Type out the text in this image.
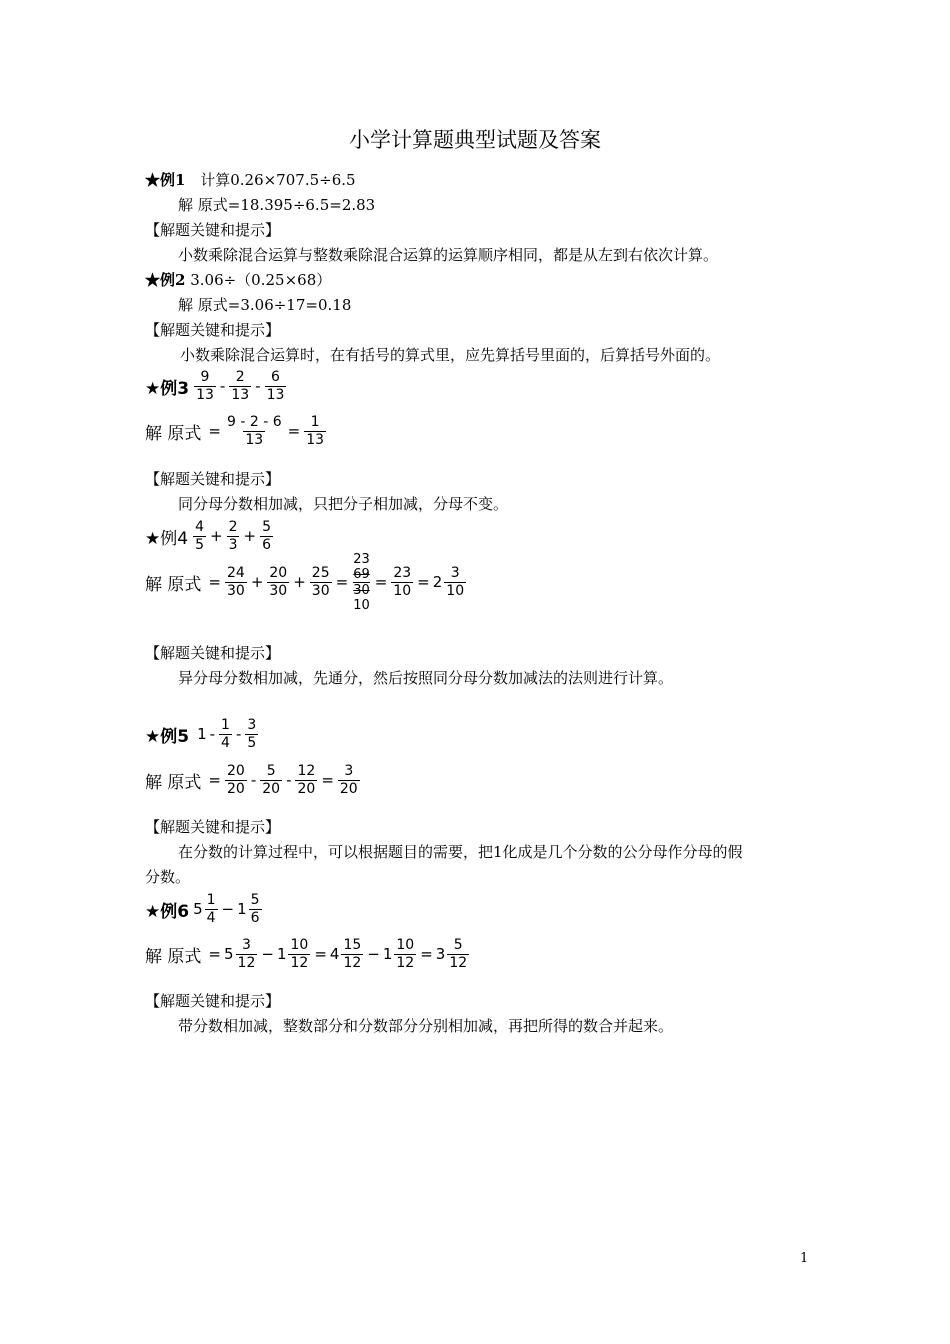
小学计算题典型试题及答案
★例1 计算0.26×707.5÷6.5
解 原式=18.395÷6.5=2.83
【解题关键和提示】
小数乘除混合运算与整数乘除混合运算的运算顺序相同，都是从左到右依次计算。
★例2 3.06÷（0.25×68）
解 原式=3.06÷17=0.18
【解题关键和提示】
小数乘除混合运算时，在有括号的算式里，应先算括号里面的，后算括号外面的。
★例$3 \frac{9}{13} - \frac{2}{13} - \frac{6}{13}$
解 原式 = $\frac{9 - 2 - 6}{13} = \frac{1}{13}$
【解题关键和提示】
同分母分数相加减，只把分子相加减，分母不变。
★例$4 \frac{4}{5} + \frac{2}{3} + \frac{5}{6}$
解 原式 = $\frac{24}{30} + \frac{20}{30} + \frac{25}{30}$ =
23
69
30
10
= $\frac{23}{10} = 2 \frac{3}{10}$
【解题关键和提示】
异分母分数相加减，先通分，然后按照同分母分数加减法的法则进行计算。
★例5 $1 - \frac{1}{4} - \frac{3}{5}$
解 原式 = $\frac{20}{20} - \frac{5}{20} - \frac{12}{20} = \frac{3}{20}$
【解题关键和提示】
在分数的计算过程中，可以根据题目的需要，把1化成是几个分数的公分母作分母的假
分数。
★例6 $5 \frac{1}{4} - 1 \frac{5}{6}$
解 原式 = $5 \frac{3}{12} - 1 \frac{10}{12} = 4 \frac{15}{12} - 1 \frac{10}{12} = 3 \frac{5}{12}$
【解题关键和提示】
带分数相加减，整数部分和分数部分分别相加减，再把所得的数合并起来。
1
